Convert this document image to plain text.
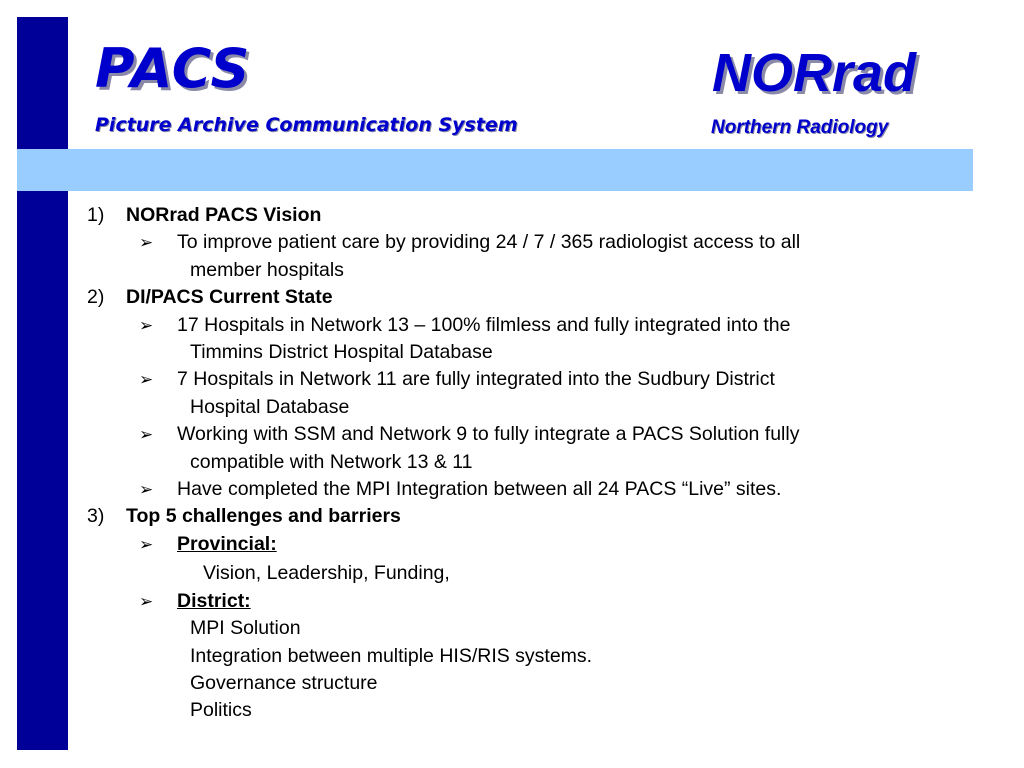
PACS
Picture Archive Communication System
NORrad
Northern Radiology
1)	NORrad PACS Vision
➢	To improve patient care by providing 24 / 7 / 365 radiologist access to all
member hospitals
2)	DI/PACS Current State
➢	17 Hospitals in Network 13 – 100% filmless and fully integrated into the
Timmins District Hospital Database
➢	7 Hospitals in Network 11 are fully integrated into the Sudbury District
Hospital Database
➢	Working with SSM and Network 9 to fully integrate a PACS Solution fully
compatible with Network 13 & 11
➢	Have completed the MPI Integration between all 24 PACS “Live” sites.
3)	Top 5 challenges and barriers
➢	Provincial:
Vision, Leadership, Funding,
➢	District:
MPI Solution
Integration between multiple HIS/RIS systems.
Governance structure
Politics
